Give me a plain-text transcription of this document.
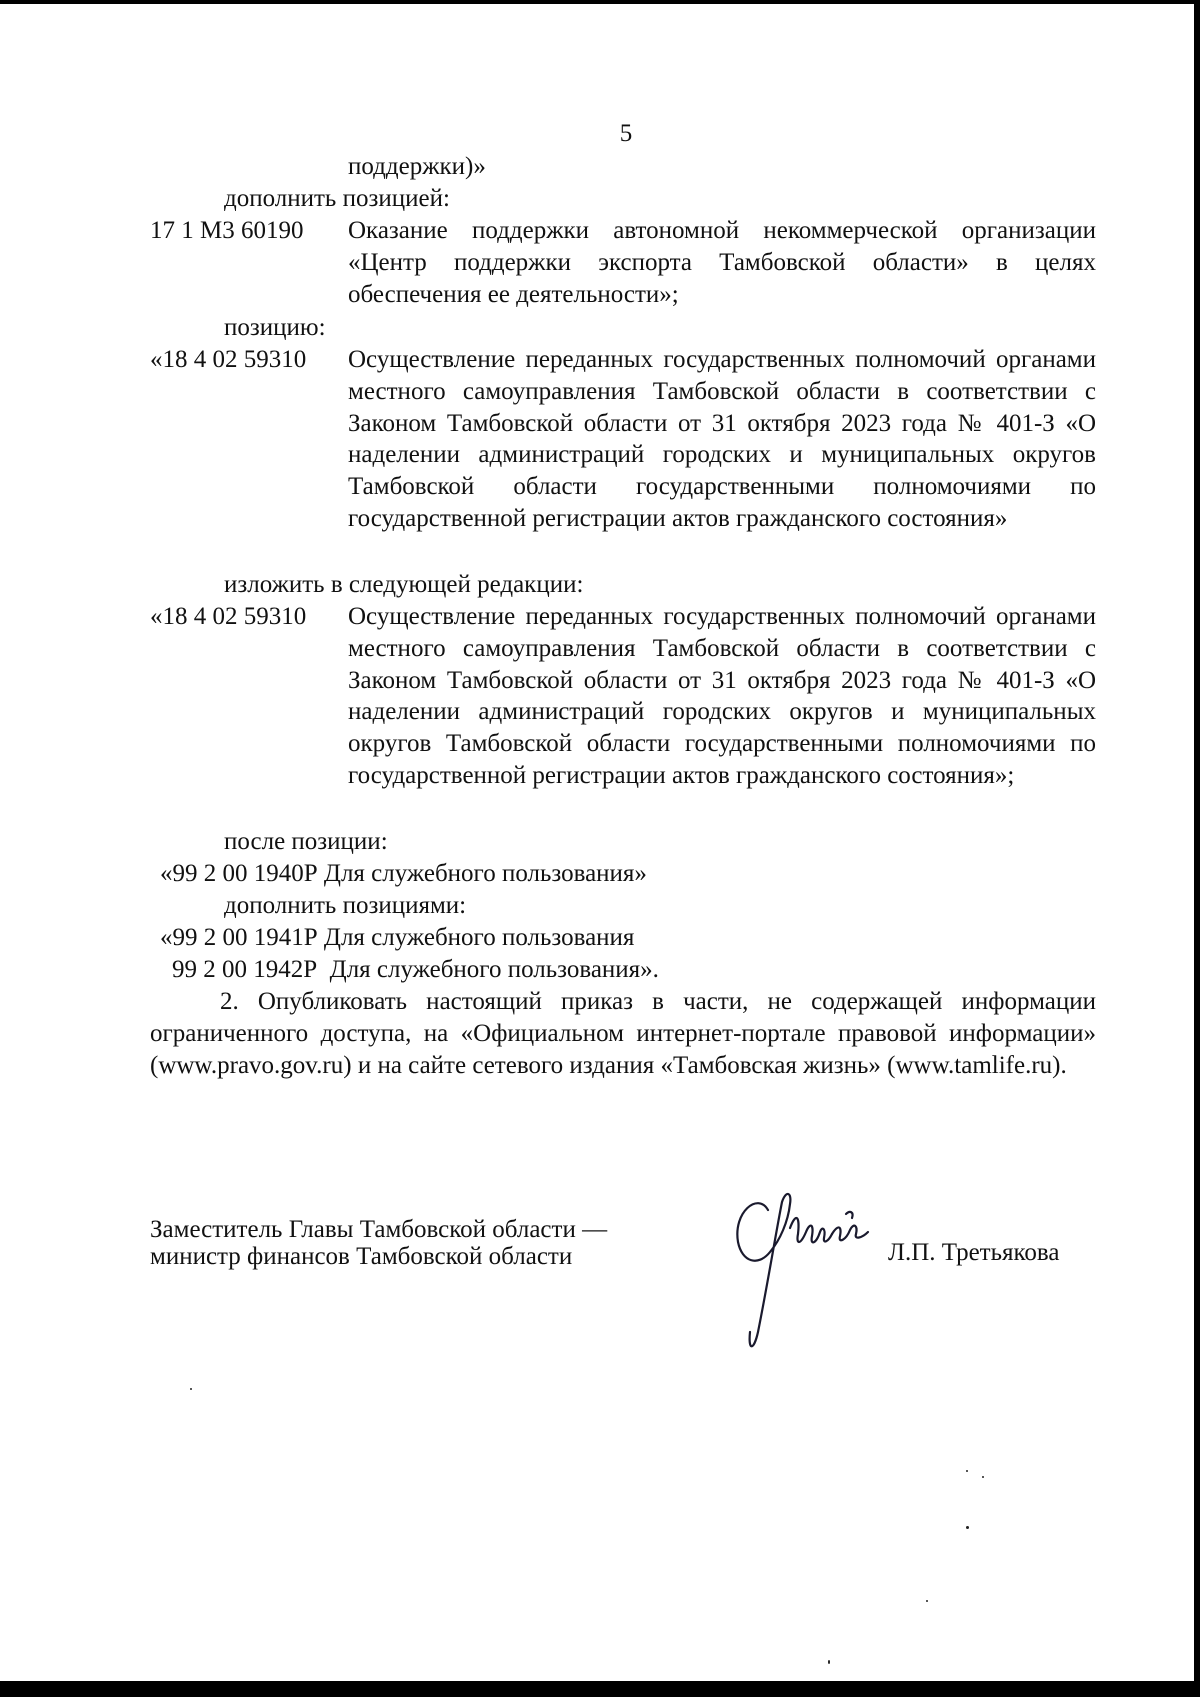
5
поддержки)»
дополнить позицией:
17 1 М3 60190 Оказание поддержки автономной некоммерческой организации «Центр поддержки экспорта Тамбовской области» в целях обеспечения ее деятельности»;
позицию:
«18 4 02 59310 Осуществление переданных государственных полномочий органами местного самоуправления Тамбовской области в соответствии с Законом Тамбовской области от 31 октября 2023 года № 401-З «О наделении администраций городских и муниципальных округов Тамбовской области государственными полномочиями по государственной регистрации актов гражданского состояния»
изложить в следующей редакции:
«18 4 02 59310 Осуществление переданных государственных полномочий органами местного самоуправления Тамбовской области в соответствии с Законом Тамбовской области от 31 октября 2023 года № 401-З «О наделении администраций городских округов и муниципальных округов Тамбовской области государственными полномочиями по государственной регистрации актов гражданского состояния»;
после позиции:
«99 2 00 1940Р Для служебного пользования»
дополнить позициями:
«99 2 00 1941Р Для служебного пользования
99 2 00 1942Р  Для служебного пользования».
2. Опубликовать настоящий приказ в части, не содержащей информации ограниченного доступа, на «Официальном интернет-портале правовой информации» (www.pravo.gov.ru) и на сайте сетевого издания «Тамбовская жизнь» (www.tamlife.ru).
Заместитель Главы Тамбовской области —
министр финансов Тамбовской области	Л.П. Третьякова
